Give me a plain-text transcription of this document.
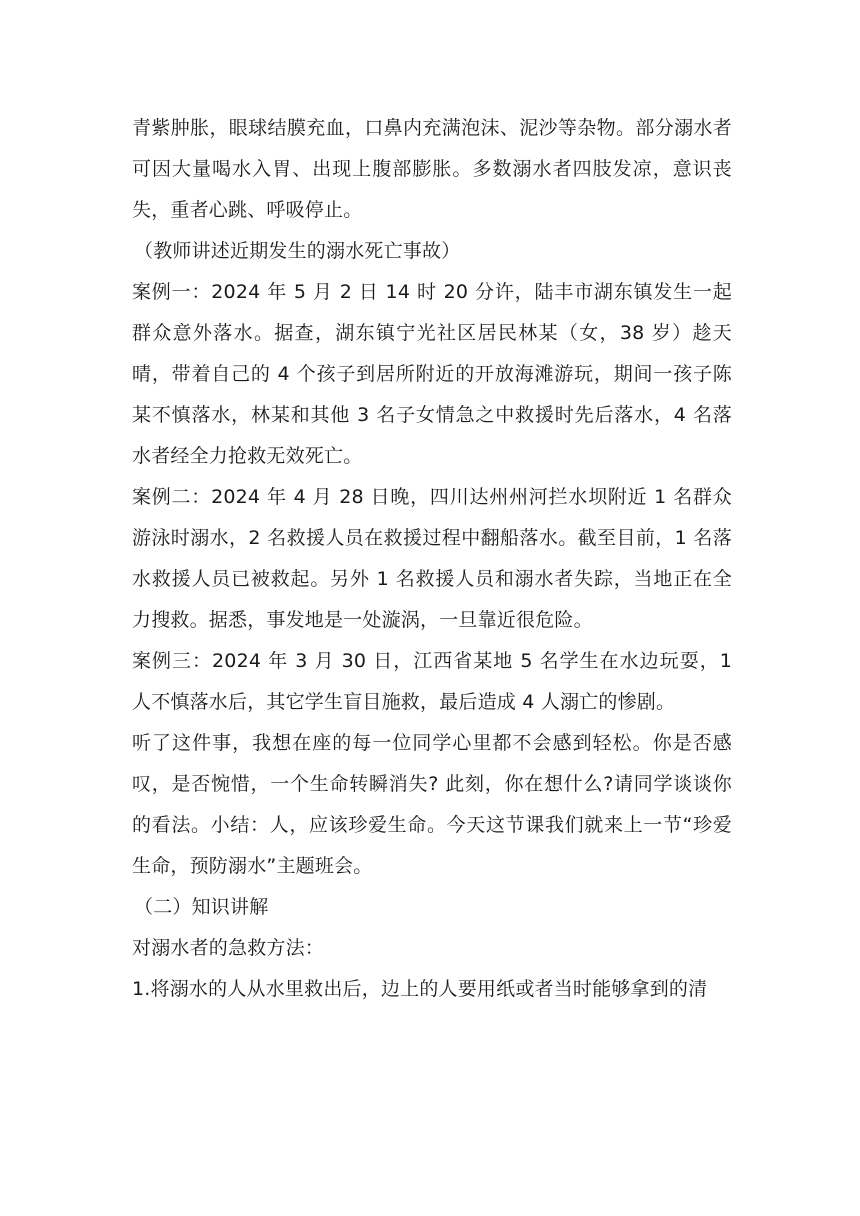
青紫肿胀，眼球结膜充血，口鼻内充满泡沫、泥沙等杂物。部分溺水者可因大量喝水入胃、出现上腹部膨胀。多数溺水者四肢发凉，意识丧失，重者心跳、呼吸停止。

（教师讲述近期发生的溺水死亡事故）

案例一：2024 年 5 月 2 日 14 时 20 分许，陆丰市湖东镇发生一起群众意外落水。据查，湖东镇宁光社区居民林某（女，38 岁）趁天晴，带着自己的 4 个孩子到居所附近的开放海滩游玩，期间一孩子陈某不慎落水，林某和其他 3 名子女情急之中救援时先后落水，4 名落水者经全力抢救无效死亡。

案例二：2024 年 4 月 28 日晚，四川达州州河拦水坝附近 1 名群众游泳时溺水，2 名救援人员在救援过程中翻船落水。截至目前，1 名落水救援人员已被救起。另外 1 名救援人员和溺水者失踪，当地正在全力搜救。据悉，事发地是一处漩涡，一旦靠近很危险。

案例三：2024 年 3 月 30 日，江西省某地 5 名学生在水边玩耍，1 人不慎落水后，其它学生盲目施救，最后造成 4 人溺亡的惨剧。

听了这件事，我想在座的每一位同学心里都不会感到轻松。你是否感叹，是否惋惜，一个生命转瞬消失? 此刻，你在想什么?请同学谈谈你的看法。小结：人，应该珍爱生命。今天这节课我们就来上一节“珍爱生命，预防溺水”主题班会。

（二）知识讲解

对溺水者的急救方法：

1.将溺水的人从水里救出后，边上的人要用纸或者当时能够拿到的清
